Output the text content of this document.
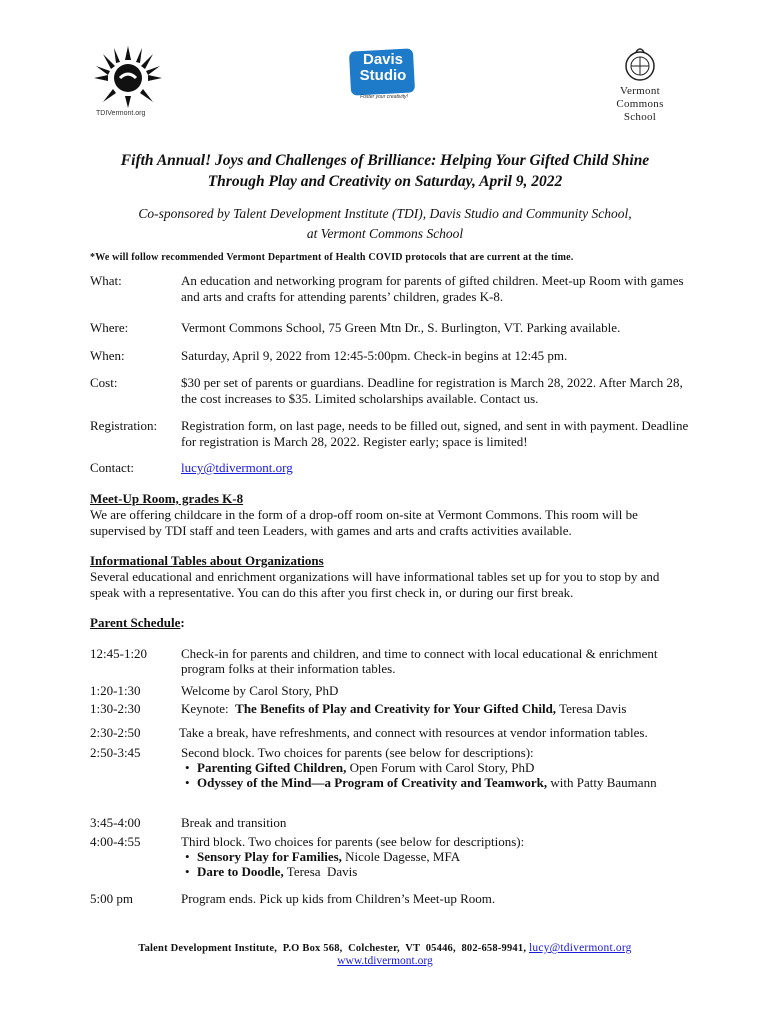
TDIVermont.org
Davis
Studio
Foster your creativity!	Vermont
Commons
School
Fifth Annual! Joys and Challenges of Brilliance: Helping Your Gifted Child Shine
Through Play and Creativity on Saturday, April 9, 2022
Co-sponsored by Talent Development Institute (TDI), Davis Studio and Community School,
at Vermont Commons School
*We will follow recommended Vermont Department of Health COVID protocols that are current at the time.
What:	An education and networking program for parents of gifted children. Meet-up Room with games and arts and crafts for attending parents’ children, grades K-8.
Where:	Vermont Commons School, 75 Green Mtn Dr., S. Burlington, VT. Parking available.
When:	Saturday, April 9, 2022 from 12:45-5:00pm. Check-in begins at 12:45 pm.
Cost:	$30 per set of parents or guardians. Deadline for registration is March 28, 2022. After March 28, the cost increases to $35. Limited scholarships available. Contact us.
Registration: Registration form, on last page, needs to be filled out, signed, and sent in with payment. Deadline for registration is March 28, 2022. Register early; space is limited!
Contact:	lucy@tdivermont.org
Meet-Up Room, grades K-8
We are offering childcare in the form of a drop-off room on-site at Vermont Commons. This room will be supervised by TDI staff and teen Leaders, with games and arts and crafts activities available.
Informational Tables about Organizations
Several educational and enrichment organizations will have informational tables set up for you to stop by and speak with a representative. You can do this after you first check in, or during our first break.
Parent Schedule:
12:45-1:20	Check-in for parents and children, and time to connect with local educational & enrichment program folks at their information tables.
1:20-1:30	Welcome by Carol Story, PhD
1:30-2:30	Keynote:  The Benefits of Play and Creativity for Your Gifted Child, Teresa Davis
2:30-2:50	Take a break, have refreshments, and connect with resources at vendor information tables.
2:50-3:45	Second block. Two choices for parents (see below for descriptions):
• Parenting Gifted Children, Open Forum with Carol Story, PhD
• Odyssey of the Mind—a Program of Creativity and Teamwork, with Patty Baumann
3:45-4:00	Break and transition
4:00-4:55	Third block. Two choices for parents (see below for descriptions):
• Sensory Play for Families, Nicole Dagesse, MFA
• Dare to Doodle, Teresa  Davis
5:00 pm	Program ends. Pick up kids from Children’s Meet-up Room.
Talent Development Institute,  P.O Box 568,  Colchester,  VT  05446,  802-658-9941, lucy@tdivermont.org
www.tdivermont.org
